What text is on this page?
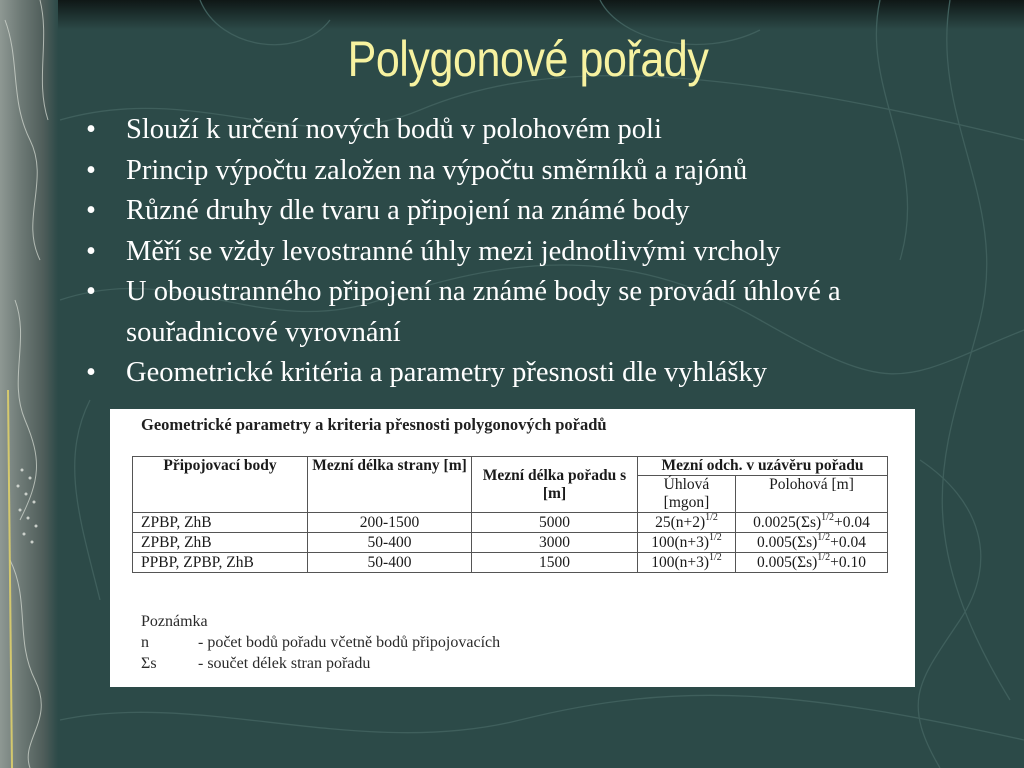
Polygonové pořady
• Slouží k určení nových bodů v polohovém poli
• Princip výpočtu založen na výpočtu směrníků a rajónů
• Různé druhy dle tvaru a připojení na známé body
• Měří se vždy levostranné úhly mezi jednotlivými vrcholy
• U oboustranného připojení na známé body se provádí úhlové a souřadnicové vyrovnání
• Geometrické kritéria a parametry přesnosti dle vyhlášky
Geometrické parametry a kriteria přesnosti polygonových pořadů
Připojovací body	Mezní délka strany [m]	Mezní délka pořadu s [m]	Mezní odch. v uzávěru pořadu	
			Úhlová [mgon]	Polohová [m]
ZPBP, ZhB	200-1500	5000	$25(n+2)^{1/2}$	$0.0025(\Sigma s)^{1/2}+0.04$
ZPBP, ZhB	50-400	3000	$100(n+3)^{1/2}$	$0.005(\Sigma s)^{1/2}+0.04$
PPBP, ZPBP, ZhB	50-400	1500	$100(n+3)^{1/2}$	$0.005(\Sigma s)^{1/2}+0.10$
Poznámka
n	- počet bodů pořadu včetně bodů připojovacích
Σs	- součet délek stran pořadu
